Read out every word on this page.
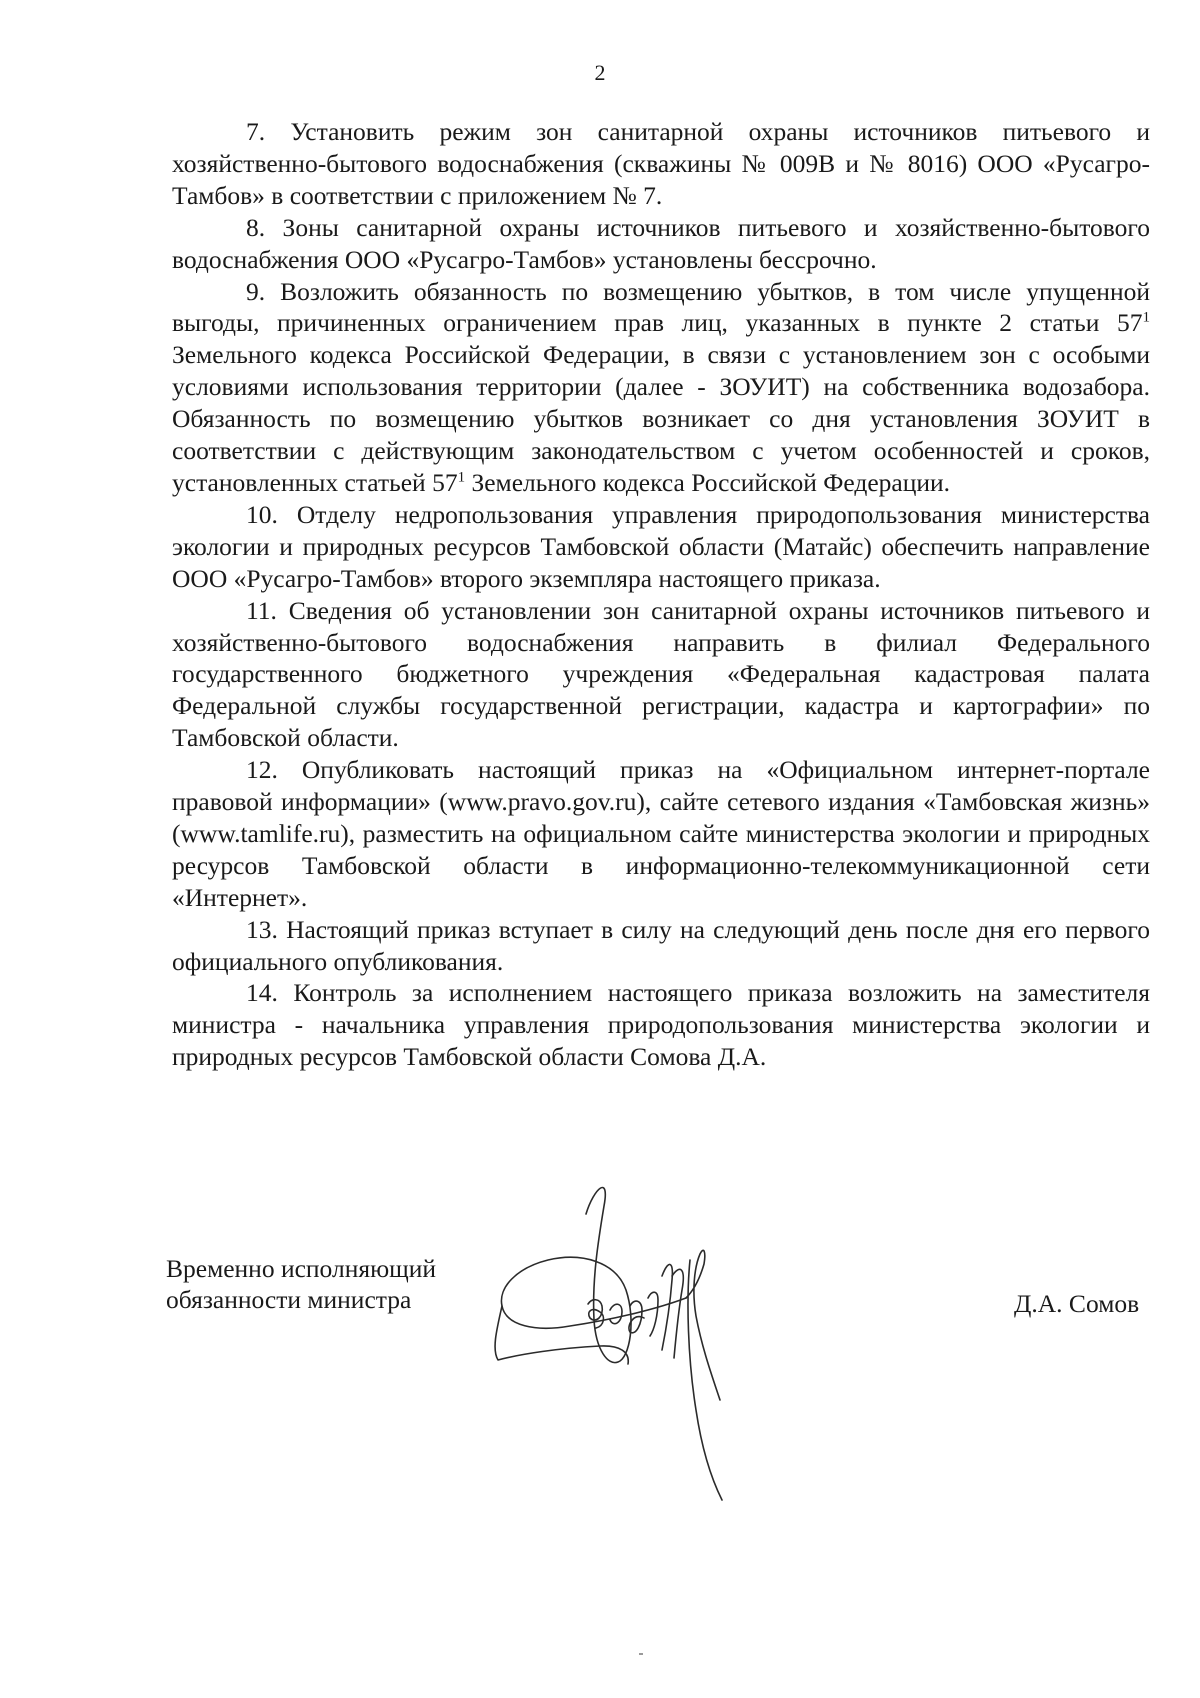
2

7. Установить режим зон санитарной охраны источников питьевого и хозяйственно-бытового водоснабжения (скважины № 009В и № 8016) ООО «Русагро-Тамбов» в соответствии с приложением № 7.

8. Зоны санитарной охраны источников питьевого и хозяйственно-бытового водоснабжения ООО «Русагро-Тамбов» установлены бессрочно.

9. Возложить обязанность по возмещению убытков, в том числе упущенной выгоды, причиненных ограничением прав лиц, указанных в пункте 2 статьи $57^1$ Земельного кодекса Российской Федерации, в связи с установлением зон с особыми условиями использования территории (далее - ЗОУИТ) на собственника водозабора. Обязанность по возмещению убытков возникает со дня установления ЗОУИТ в соответствии с действующим законодательством с учетом особенностей и сроков, установленных статьей $57^1$ Земельного кодекса Российской Федерации.

10. Отделу недропользования управления природопользования министерства экологии и природных ресурсов Тамбовской области (Матайс) обеспечить направление ООО «Русагро-Тамбов» второго экземпляра настоящего приказа.

11. Сведения об установлении зон санитарной охраны источников питьевого и хозяйственно-бытового водоснабжения направить в филиал Федерального государственного бюджетного учреждения «Федеральная кадастровая палата Федеральной службы государственной регистрации, кадастра и картографии» по Тамбовской области.

12. Опубликовать настоящий приказ на «Официальном интернет-портале правовой информации» (www.pravo.gov.ru), сайте сетевого издания «Тамбовская жизнь» (www.tamlife.ru), разместить на официальном сайте министерства экологии и природных ресурсов Тамбовской области в информационно-телекоммуникационной сети «Интернет».

13. Настоящий приказ вступает в силу на следующий день после дня его первого официального опубликования.

14. Контроль за исполнением настоящего приказа возложить на заместителя министра - начальника управления природопользования министерства экологии и природных ресурсов Тамбовской области Сомова Д.А.

Временно исполняющий
обязанности министра	Д.А. Сомов
